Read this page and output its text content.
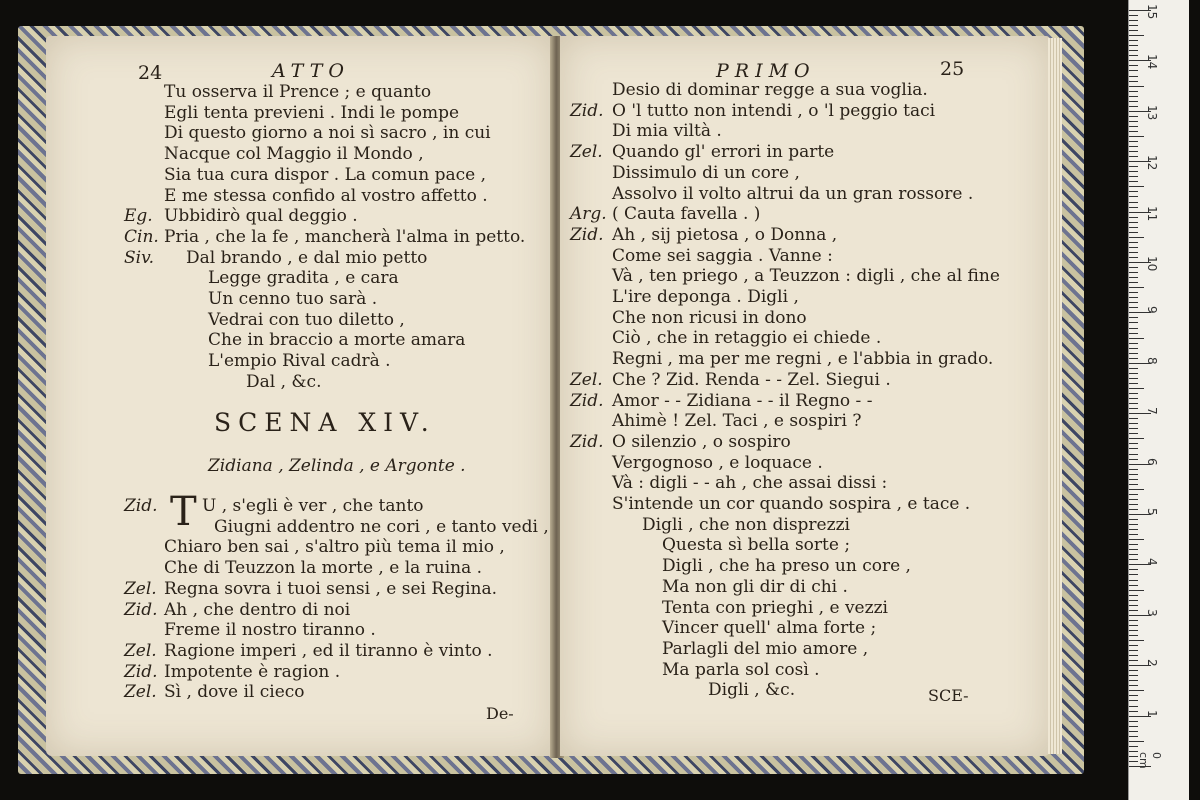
24	ATTO
Tu osserva il Prence ; e quanto
Egli tenta previeni . Indi le pompe
Di questo giorno a noi sì sacro , in cui
Nacque col Maggio il Mondo ,
Sia tua cura dispor . La comun pace ,
E me stessa confido al vostro affetto .
Eg. Ubbidirò qual deggio .
Cin. Pria , che la fe , mancherà l'alma in petto.
Siv. Dal brando , e dal mio petto
Legge gradita , e cara
Un cenno tuo sarà .
Vedrai con tuo diletto ,
Che in braccio a morte amara
L'empio Rival cadrà .
Dal , &c.
SCENA XIV.
Zidiana , Zelinda , e Argonte .
T
Zid.	U , s'egli è ver , che tanto
Giugni addentro ne cori , e tanto vedi ,
Chiaro ben sai , s'altro più tema il mio ,
Che di Teuzzon la morte , e la ruina .
Zel. Regna sovra i tuoi sensi , e sei Regina.
Zid. Ah , che dentro di noi
Freme il nostro tiranno .
Zel. Ragione imperi , ed il tiranno è vinto .
Zid. Impotente è ragion .
Zel. Sì , dove il cieco
De-
PRIMO	25
Desio di dominar regge a sua voglia.
Zid. O 'l tutto non intendi , o 'l peggio taci
Di mia viltà .
Zel. Quando gl' errori in parte
Dissimulo di un core ,
Assolvo il volto altrui da un gran rossore .
Arg. ( Cauta favella . )
Zid. Ah , sij pietosa , o Donna ,
Come sei saggia . Vanne :
Và , ten priego , a Teuzzon : digli , che al fine
L'ire deponga . Digli ,
Che non ricusi in dono
Ciò , che in retaggio ei chiede .
Regni , ma per me regni , e l'abbia in grado.
Zel. Che ? Zid. Renda - - Zel. Siegui .
Zid. Amor - - Zidiana - - il Regno - -
Ahimè ! Zel. Taci , e sospiri ?
Zid. O silenzio , o sospiro
Vergognoso , e loquace .
Và : digli - - ah , che assai dissi :
S'intende un cor quando sospira , e tace .
Digli , che non disprezzi
Questa sì bella sorte ;
Digli , che ha preso un core ,
Ma non gli dir di chi .
Tenta con prieghi , e vezzi
Vincer quell' alma forte ;
Parlagli del mio amore ,
Ma parla sol così .
Digli , &c.	SCE-
1
2
3
4
5
6
7
8
9
10
11
12
13
14
15
0 cm
